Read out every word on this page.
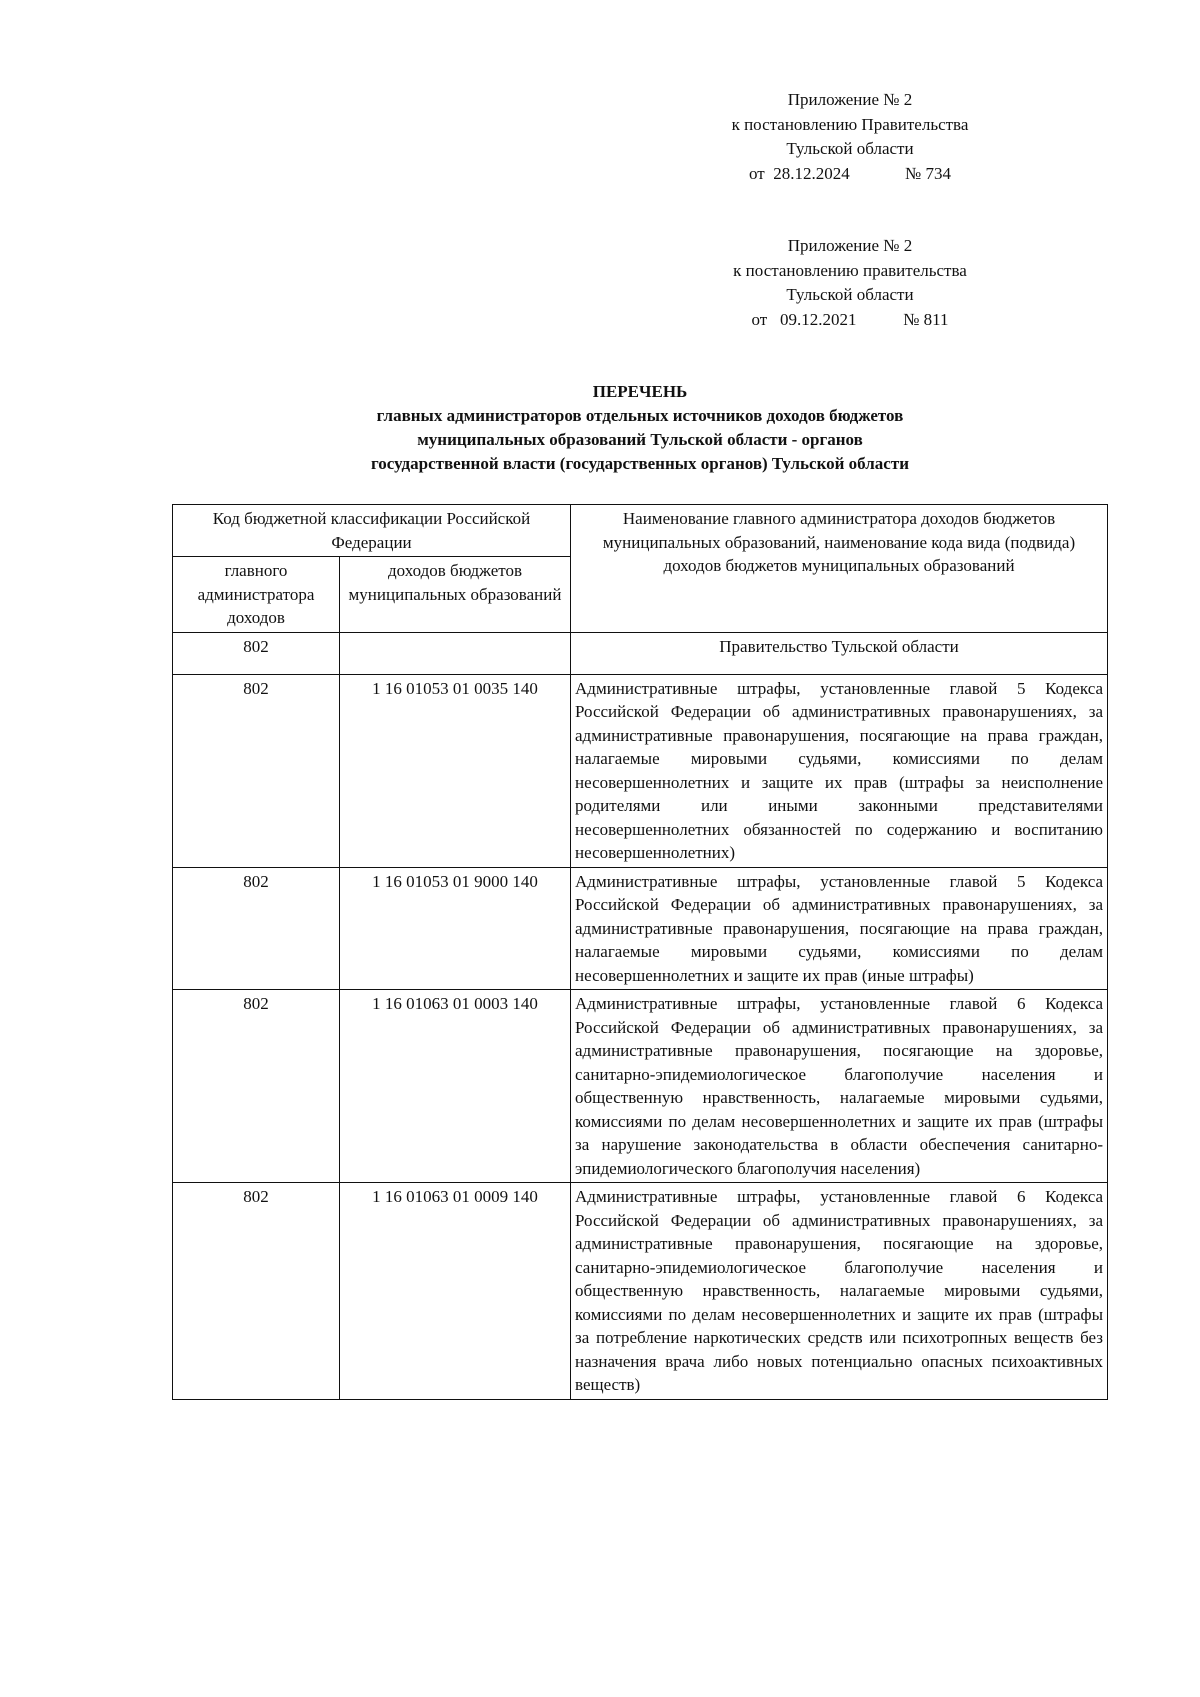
Приложение № 2
к постановлению Правительства
Тульской области
от 28.12.2024	№ 734
Приложение № 2
к постановлению правительства
Тульской области
от 09.12.2021	№ 811
ПЕРЕЧЕНЬ
главных администраторов отдельных источников доходов бюджетов
муниципальных образований Тульской области - органов
государственной власти (государственных органов) Тульской области
Код бюджетной классификации Российской Федерации		Наименование главного администратора доходов бюджетов муниципальных образований, наименование кода вида (подвида) доходов бюджетов муниципальных образований
главного администратора доходов	доходов бюджетов муниципальных образований	
802		Правительство Тульской области
802	1 16 01053 01 0035 140	Административные штрафы, установленные главой 5 Кодекса Российской Федерации об административных правонарушениях, за административные правонарушения, посягающие на права граждан, налагаемые мировыми судьями, комиссиями по делам несовершеннолетних и защите их прав (штрафы за неисполнение родителями или иными законными представителями несовершеннолетних обязанностей по содержанию и воспитанию несовершеннолетних)
802	1 16 01053 01 9000 140	Административные штрафы, установленные главой 5 Кодекса Российской Федерации об административных правонарушениях, за административные правонарушения, посягающие на права граждан, налагаемые мировыми судьями, комиссиями по делам несовершеннолетних и защите их прав (иные штрафы)
802	1 16 01063 01 0003 140	Административные штрафы, установленные главой 6 Кодекса Российской Федерации об административных правонарушениях, за административные правонарушения, посягающие на здоровье, санитарно-эпидемиологическое благополучие населения и общественную нравственность, налагаемые мировыми судьями, комиссиями по делам несовершеннолетних и защите их прав (штрафы за нарушение законодательства в области обеспечения санитарно-эпидемиологического благополучия населения)
802	1 16 01063 01 0009 140	Административные штрафы, установленные главой 6 Кодекса Российской Федерации об административных правонарушениях, за административные правонарушения, посягающие на здоровье, санитарно-эпидемиологическое благополучие населения и общественную нравственность, налагаемые мировыми судьями, комиссиями по делам несовершеннолетних и защите их прав (штрафы за потребление наркотических средств или психотропных веществ без назначения врача либо новых потенциально опасных психоактивных веществ)
